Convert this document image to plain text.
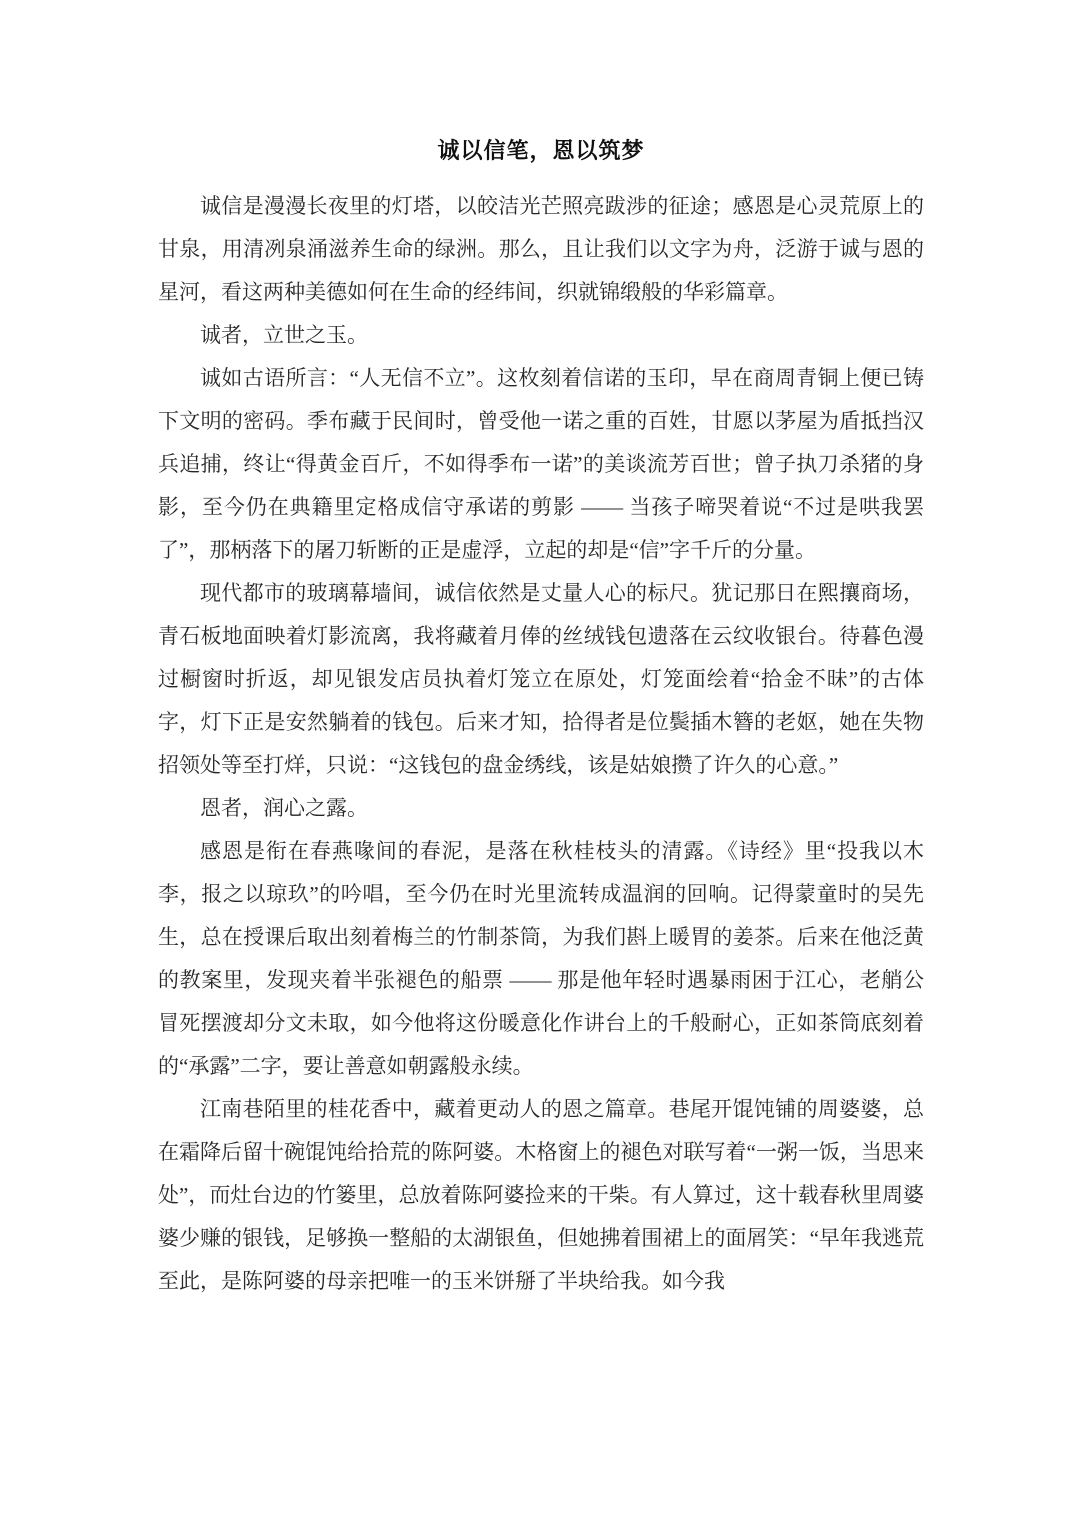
诚以信笔，恩以筑梦

诚信是漫漫长夜里的灯塔，以皎洁光芒照亮跋涉的征途；感恩是心灵荒原上的甘泉，用清冽泉涌滋养生命的绿洲。那么，且让我们以文字为舟，泛游于诚与恩的星河，看这两种美德如何在生命的经纬间，织就锦缎般的华彩篇章。

诚者，立世之玉。

诚如古语所言：“人无信不立”。这枚刻着信诺的玉印，早在商周青铜上便已铸下文明的密码。季布藏于民间时，曾受他一诺之重的百姓，甘愿以茅屋为盾抵挡汉兵追捕，终让“得黄金百斤，不如得季布一诺”的美谈流芳百世；曾子执刀杀猪的身影，至今仍在典籍里定格成信守承诺的剪影 —— 当孩子啼哭着说“不过是哄我罢了”，那柄落下的屠刀斩断的正是虚浮，立起的却是“信”字千斤的分量。

现代都市的玻璃幕墙间，诚信依然是丈量人心的标尺。犹记那日在熙攘商场，青石板地面映着灯影流离，我将藏着月俸的丝绒钱包遗落在云纹收银台。待暮色漫过橱窗时折返，却见银发店员执着灯笼立在原处，灯笼面绘着“拾金不昧”的古体字，灯下正是安然躺着的钱包。后来才知，拾得者是位鬓插木簪的老妪，她在失物招领处等至打烊，只说：“这钱包的盘金绣线，该是姑娘攒了许久的心意。”

恩者，润心之露。

感恩是衔在春燕喙间的春泥，是落在秋桂枝头的清露。《诗经》里“投我以木李，报之以琼玖”的吟唱，至今仍在时光里流转成温润的回响。记得蒙童时的吴先生，总在授课后取出刻着梅兰的竹制茶筒，为我们斟上暖胃的姜茶。后来在他泛黄的教案里，发现夹着半张褪色的船票 —— 那是他年轻时遇暴雨困于江心，老艄公冒死摆渡却分文未取，如今他将这份暖意化作讲台上的千般耐心，正如茶筒底刻着的“承露”二字，要让善意如朝露般永续。

江南巷陌里的桂花香中，藏着更动人的恩之篇章。巷尾开馄饨铺的周婆婆，总在霜降后留十碗馄饨给拾荒的陈阿婆。木格窗上的褪色对联写着“一粥一饭，当思来处”，而灶台边的竹篓里，总放着陈阿婆捡来的干柴。有人算过，这十载春秋里周婆婆少赚的银钱，足够换一整船的太湖银鱼，但她拂着围裙上的面屑笑：“早年我逃荒至此，是陈阿婆的母亲把唯一的玉米饼掰了半块给我。如今我
